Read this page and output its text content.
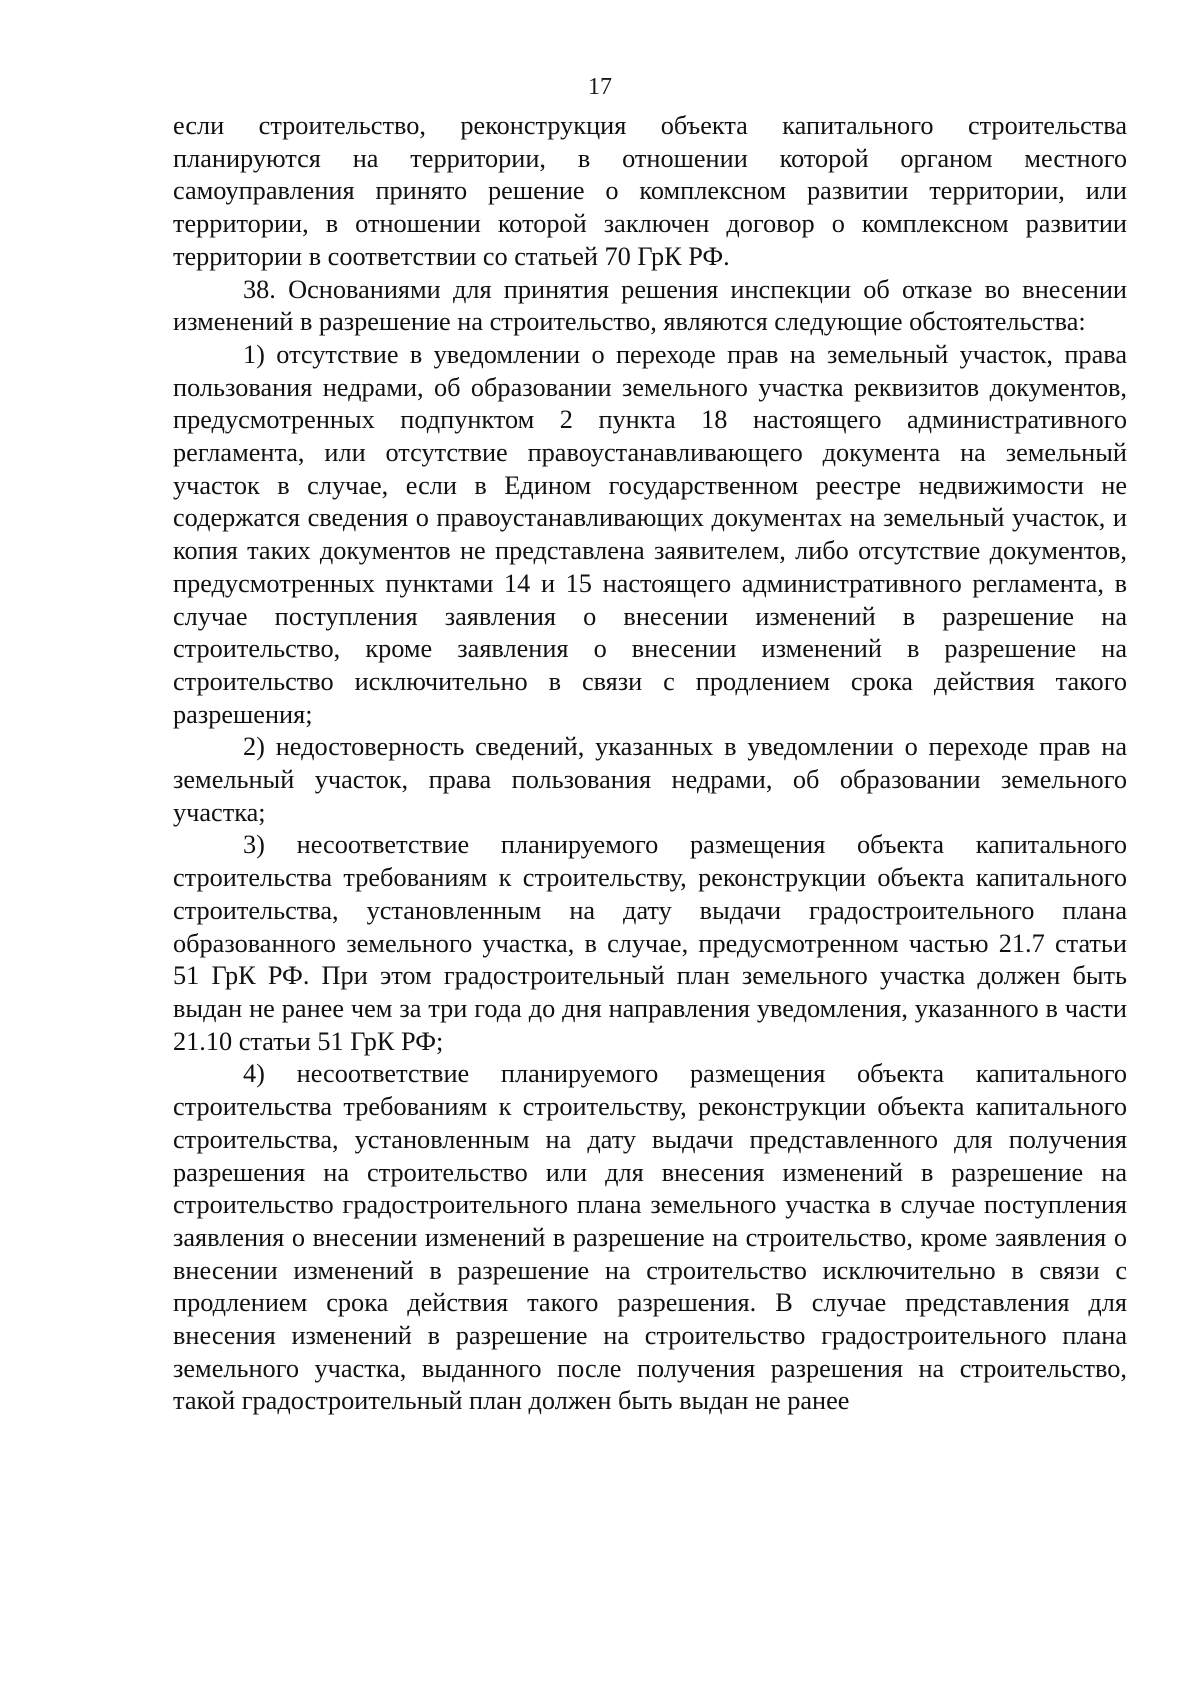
17

если строительство, реконструкция объекта капитального строительства планируются на территории, в отношении которой органом местного самоуправления принято решение о комплексном развитии территории, или территории, в отношении которой заключен договор о комплексном развитии территории в соответствии со статьей 70 ГрК РФ.

38. Основаниями для принятия решения инспекции об отказе во внесении изменений в разрешение на строительство, являются следующие обстоятельства:

1) отсутствие в уведомлении о переходе прав на земельный участок, права пользования недрами, об образовании земельного участка реквизитов документов, предусмотренных подпунктом 2 пункта 18 настоящего административного регламента, или отсутствие правоустанавливающего документа на земельный участок в случае, если в Едином государственном реестре недвижимости не содержатся сведения о правоустанавливающих документах на земельный участок, и копия таких документов не представлена заявителем, либо отсутствие документов, предусмотренных пунктами 14 и 15 настоящего административного регламента, в случае поступления заявления о внесении изменений в разрешение на строительство, кроме заявления о внесении изменений в разрешение на строительство исключительно в связи с продлением срока действия такого разрешения;

2) недостоверность сведений, указанных в уведомлении о переходе прав на земельный участок, права пользования недрами, об образовании земельного участка;

3) несоответствие планируемого размещения объекта капитального строительства требованиям к строительству, реконструкции объекта капитального строительства, установленным на дату выдачи градостроительного плана образованного земельного участка, в случае, предусмотренном частью 21.7 статьи 51 ГрК РФ. При этом градостроительный план земельного участка должен быть выдан не ранее чем за три года до дня направления уведомления, указанного в части 21.10 статьи 51 ГрК РФ;

4) несоответствие планируемого размещения объекта капитального строительства требованиям к строительству, реконструкции объекта капитального строительства, установленным на дату выдачи представленного для получения разрешения на строительство или для внесения изменений в разрешение на строительство градостроительного плана земельного участка в случае поступления заявления о внесении изменений в разрешение на строительство, кроме заявления о внесении изменений в разрешение на строительство исключительно в связи с продлением срока действия такого разрешения. В случае представления для внесения изменений в разрешение на строительство градостроительного плана земельного участка, выданного после получения разрешения на строительство, такой градостроительный план должен быть выдан не ранее
